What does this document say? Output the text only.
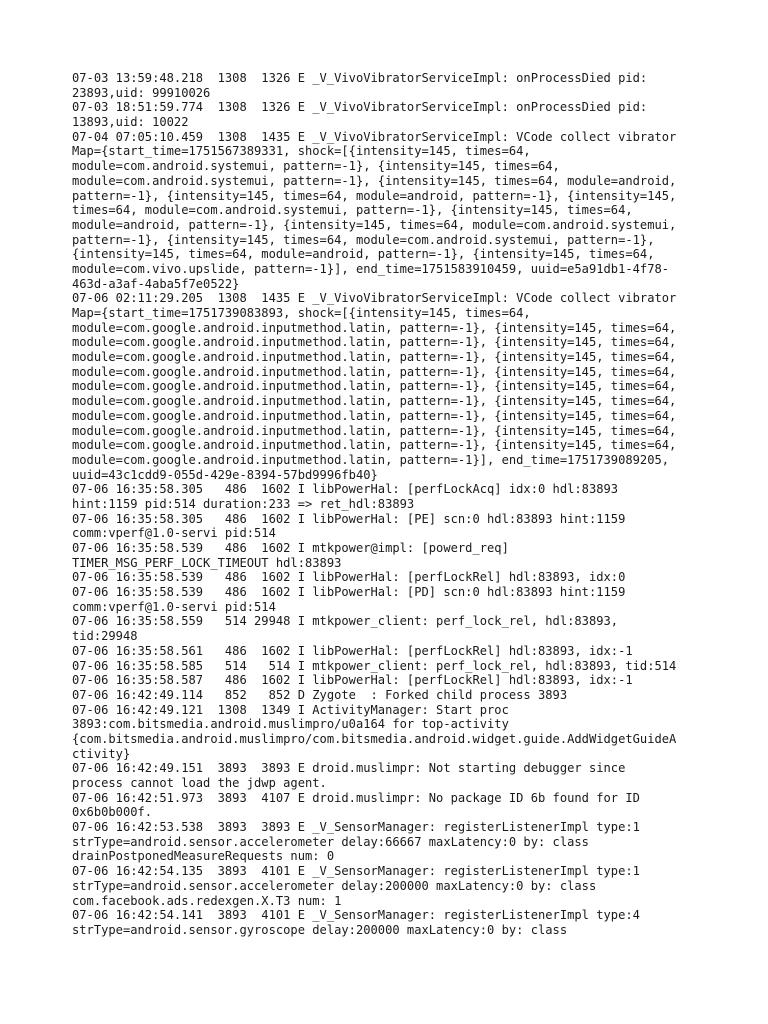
07-03 13:59:48.218  1308  1326 E _V_VivoVibratorServiceImpl: onProcessDied pid:
23893,uid: 99910026
07-03 18:51:59.774  1308  1326 E _V_VivoVibratorServiceImpl: onProcessDied pid:
13893,uid: 10022
07-04 07:05:10.459  1308  1435 E _V_VivoVibratorServiceImpl: VCode collect vibrator
Map={start_time=1751567389331, shock=[{intensity=145, times=64,
module=com.android.systemui, pattern=-1}, {intensity=145, times=64,
module=com.android.systemui, pattern=-1}, {intensity=145, times=64, module=android,
pattern=-1}, {intensity=145, times=64, module=android, pattern=-1}, {intensity=145,
times=64, module=com.android.systemui, pattern=-1}, {intensity=145, times=64,
module=android, pattern=-1}, {intensity=145, times=64, module=com.android.systemui,
pattern=-1}, {intensity=145, times=64, module=com.android.systemui, pattern=-1},
{intensity=145, times=64, module=android, pattern=-1}, {intensity=145, times=64,
module=com.vivo.upslide, pattern=-1}], end_time=1751583910459, uuid=e5a91db1-4f78-
463d-a3af-4aba5f7e0522}
07-06 02:11:29.205  1308  1435 E _V_VivoVibratorServiceImpl: VCode collect vibrator
Map={start_time=1751739083893, shock=[{intensity=145, times=64,
module=com.google.android.inputmethod.latin, pattern=-1}, {intensity=145, times=64,
module=com.google.android.inputmethod.latin, pattern=-1}, {intensity=145, times=64,
module=com.google.android.inputmethod.latin, pattern=-1}, {intensity=145, times=64,
module=com.google.android.inputmethod.latin, pattern=-1}, {intensity=145, times=64,
module=com.google.android.inputmethod.latin, pattern=-1}, {intensity=145, times=64,
module=com.google.android.inputmethod.latin, pattern=-1}, {intensity=145, times=64,
module=com.google.android.inputmethod.latin, pattern=-1}, {intensity=145, times=64,
module=com.google.android.inputmethod.latin, pattern=-1}, {intensity=145, times=64,
module=com.google.android.inputmethod.latin, pattern=-1}, {intensity=145, times=64,
module=com.google.android.inputmethod.latin, pattern=-1}], end_time=1751739089205,
uuid=43c1cdd9-055d-429e-8394-57bd9996fb40}
07-06 16:35:58.305   486  1602 I libPowerHal: [perfLockAcq] idx:0 hdl:83893
hint:1159 pid:514 duration:233 => ret_hdl:83893
07-06 16:35:58.305   486  1602 I libPowerHal: [PE] scn:0 hdl:83893 hint:1159
comm:vperf@1.0-servi pid:514
07-06 16:35:58.539   486  1602 I mtkpower@impl: [powerd_req]
TIMER_MSG_PERF_LOCK_TIMEOUT hdl:83893
07-06 16:35:58.539   486  1602 I libPowerHal: [perfLockRel] hdl:83893, idx:0
07-06 16:35:58.539   486  1602 I libPowerHal: [PD] scn:0 hdl:83893 hint:1159
comm:vperf@1.0-servi pid:514
07-06 16:35:58.559   514 29948 I mtkpower_client: perf_lock_rel, hdl:83893,
tid:29948
07-06 16:35:58.561   486  1602 I libPowerHal: [perfLockRel] hdl:83893, idx:-1
07-06 16:35:58.585   514   514 I mtkpower_client: perf_lock_rel, hdl:83893, tid:514
07-06 16:35:58.587   486  1602 I libPowerHal: [perfLockRel] hdl:83893, idx:-1
07-06 16:42:49.114   852   852 D Zygote  : Forked child process 3893
07-06 16:42:49.121  1308  1349 I ActivityManager: Start proc
3893:com.bitsmedia.android.muslimpro/u0a164 for top-activity
{com.bitsmedia.android.muslimpro/com.bitsmedia.android.widget.guide.AddWidgetGuideA
ctivity}
07-06 16:42:49.151  3893  3893 E droid.muslimpr: Not starting debugger since
process cannot load the jdwp agent.
07-06 16:42:51.973  3893  4107 E droid.muslimpr: No package ID 6b found for ID
0x6b0b000f.
07-06 16:42:53.538  3893  3893 E _V_SensorManager: registerListenerImpl type:1
strType=android.sensor.accelerometer delay:66667 maxLatency:0 by: class
drainPostponedMeasureRequests num: 0
07-06 16:42:54.135  3893  4101 E _V_SensorManager: registerListenerImpl type:1
strType=android.sensor.accelerometer delay:200000 maxLatency:0 by: class
com.facebook.ads.redexgen.X.T3 num: 1
07-06 16:42:54.141  3893  4101 E _V_SensorManager: registerListenerImpl type:4
strType=android.sensor.gyroscope delay:200000 maxLatency:0 by: class
